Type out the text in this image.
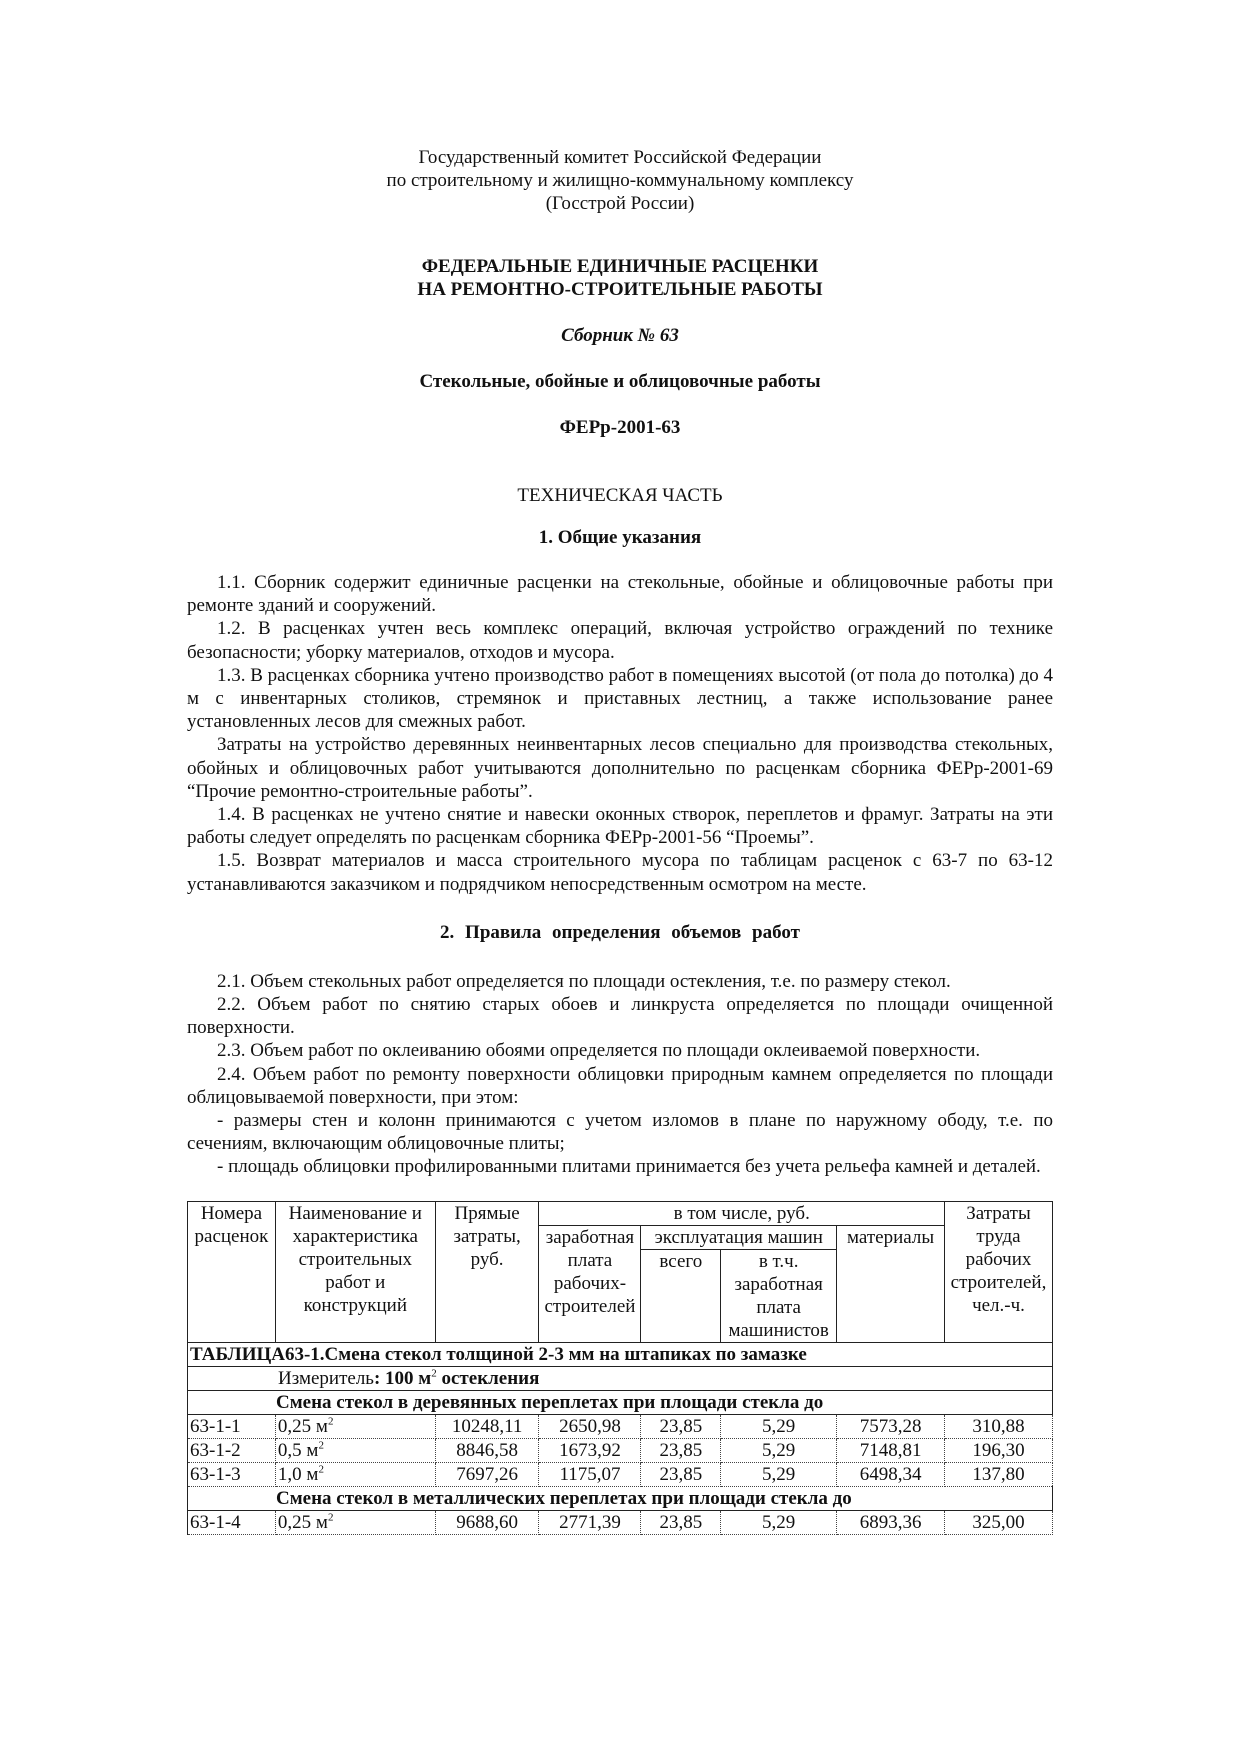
Государственный комитет Российской Федерации

по строительному и жилищно-коммунальному комплексу

(Госстрой России)

ФЕДЕРАЛЬНЫЕ ЕДИНИЧНЫЕ РАСЦЕНКИ

НА РЕМОНТНО-СТРОИТЕЛЬНЫЕ РАБОТЫ

Сборник № 63

Стекольные, обойные и облицовочные работы

ФЕРр-2001-63

ТЕХНИЧЕСКАЯ ЧАСТЬ

1. Общие указания

1.1. Сборник содержит единичные расценки на стекольные, обойные и облицовочные работы при ремонте зданий и сооружений.

1.2. В расценках учтен весь комплекс операций, включая устройство ограждений по технике безопасности; уборку материалов, отходов и мусора.

1.3. В расценках сборника учтено производство работ в помещениях высотой (от пола до потолка) до 4 м с инвентарных столиков, стремянок и приставных лестниц, а также использование ранее установленных лесов для смежных работ.

Затраты на устройство деревянных неинвентарных лесов специально для производства стекольных, обойных и облицовочных работ учитываются дополнительно по расценкам сборника ФЕРр-2001-69 “Прочие ремонтно-строительные работы”.

1.4. В расценках не учтено снятие и навески оконных створок, переплетов и фрамуг. Затраты на эти работы следует определять по расценкам сборника ФЕРр-2001-56 “Проемы”.

1.5. Возврат материалов и масса строительного мусора по таблицам расценок с 63-7 по 63-12 устанавливаются заказчиком и подрядчиком непосредственным осмотром на месте.

2. Правила определения объемов работ

2.1. Объем стекольных работ определяется по площади остекления, т.е. по размеру стекол.

2.2. Объем работ по снятию старых обоев и линкруста определяется по площади очищенной поверхности.

2.3. Объем работ по оклеиванию обоями определяется по площади оклеиваемой поверхности.

2.4. Объем работ по ремонту поверхности облицовки природным камнем определяется по площади облицовываемой поверхности, при этом:

- размеры стен и колонн принимаются с учетом изломов в плане по наружному ободу, т.е. по сечениям, включающим облицовочные плиты;

- площадь облицовки профилированными плитами принимается без учета рельефа камней и деталей.

Номера расценок	Наименование и характеристика строительных работ и конструкций	Прямые затраты, руб.	в том числе, руб.				Затраты труда рабочих строителей, чел.-ч.
			заработная плата рабочих-строителей	эксплуатация машин		материалы	
				всего	в т.ч. заработная плата машинистов		

ТАБЛИЦА63-1.Смена стекол толщиной 2-3 мм на штапиках по замазке							
Измеритель: 100 $м^2$ остекления							
Смена стекол в деревянных переплетах при площади стекла до							
63-1-1	0,25 $м^2$	10248,11	2650,98	23,85	5,29	7573,28	310,88
63-1-2	0,5 $м^2$	8846,58	1673,92	23,85	5,29	7148,81	196,30
63-1-3	1,0 $м^2$	7697,26	1175,07	23,85	5,29	6498,34	137,80
Смена стекол в металлических переплетах при площади стекла до							
63-1-4	0,25 $м^2$	9688,60	2771,39	23,85	5,29	6893,36	325,00
